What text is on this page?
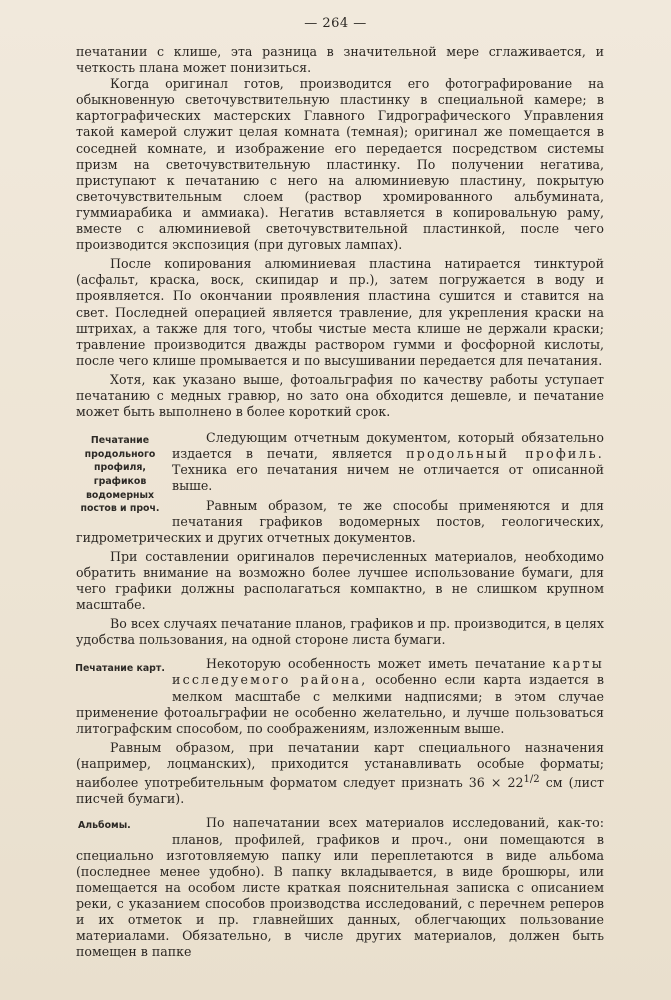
— 264 —

печатании с клише, эта разница в значительной мере сглаживается, и четкость плана может понизиться.

Когда оригинал готов, производится его фотографирование на обыкновенную светочувствительную пластинку в специальной камере; в картографических мастерских Главного Гидрографического Управления такой камерой служит целая комната (темная); оригинал же помещается в соседней комнате, и изображение его передается посредством системы призм на светочувствительную пластинку. По получении негатива, приступают к печатанию с него на алюминиевую пластину, покрытую светочувствительным слоем (раствор хромированного альбумината, гуммиарабика и аммиака). Негатив вставляется в копировальную раму, вместе с алюминиевой светочувствительной пластинкой, после чего производится экспозиция (при дуговых лампах).

После копирования алюминиевая пластина натирается тинктурой (асфальт, краска, воск, скипидар и пр.), затем погружается в воду и проявляется. По окончании проявления пластина сушится и ставится на свет. Последней операцией является травление, для укрепления краски на штрихах, а также для того, чтобы чистые места клише не держали краски; травление производится дважды раствором гумми и фосфорной кислоты, после чего клише промывается и по высушивании передается для печатания.

Хотя, как указано выше, фотоальграфия по качеству работы уступает печатанию с медных гравюр, но зато она обходится дешевле, и печатание может быть выполнено в более короткий срок.

Печатание продольного профиля, графиков водомерных постов и проч.

Следующим отчетным документом, который обязательно издается в печати, является продольный профиль. Техника его печатания ничем не отличается от описанной выше.

Равным образом, те же способы применяются и для печатания графиков водомерных постов, геологических, гидрометрических и других отчетных документов.

При составлении оригиналов перечисленных материалов, необходимо обратить внимание на возможно более лучшее использование бумаги, для чего графики должны располагаться компактно, в не слишком крупном масштабе.

Во всех случаях печатание планов, графиков и пр. производится, в целях удобства пользования, на одной стороне листа бумаги.

Печатание карт.	Некоторую особенность может иметь печатание карты исследуемого района, особенно если карта издается в мелком масштабе с мелкими надписями; в этом случае применение фотоальграфии не особенно желательно, и лучше пользоваться литографским способом, по соображениям, изложенным выше.

Равным образом, при печатании карт специального назначения (например, лоцманских), приходится устанавливать особые форматы; наиболее употребительным форматом следует признать $36 \times 22^{1/2}$ см (лист писчей бумаги).

Альбомы.	По напечатании всех материалов исследований, как-то: планов, профилей, графиков и проч., они помещаются в специально изготовляемую папку или переплетаются в виде альбома (последнее менее удобно). В папку вкладывается, в виде брошюры, или помещается на особом листе краткая пояснительная записка с описанием реки, с указанием способов производства исследований, с перечнем реперов и их отметок и пр. главнейших данных, облегчающих пользование материалами. Обязательно, в числе других материалов, должен быть помещен в папке
